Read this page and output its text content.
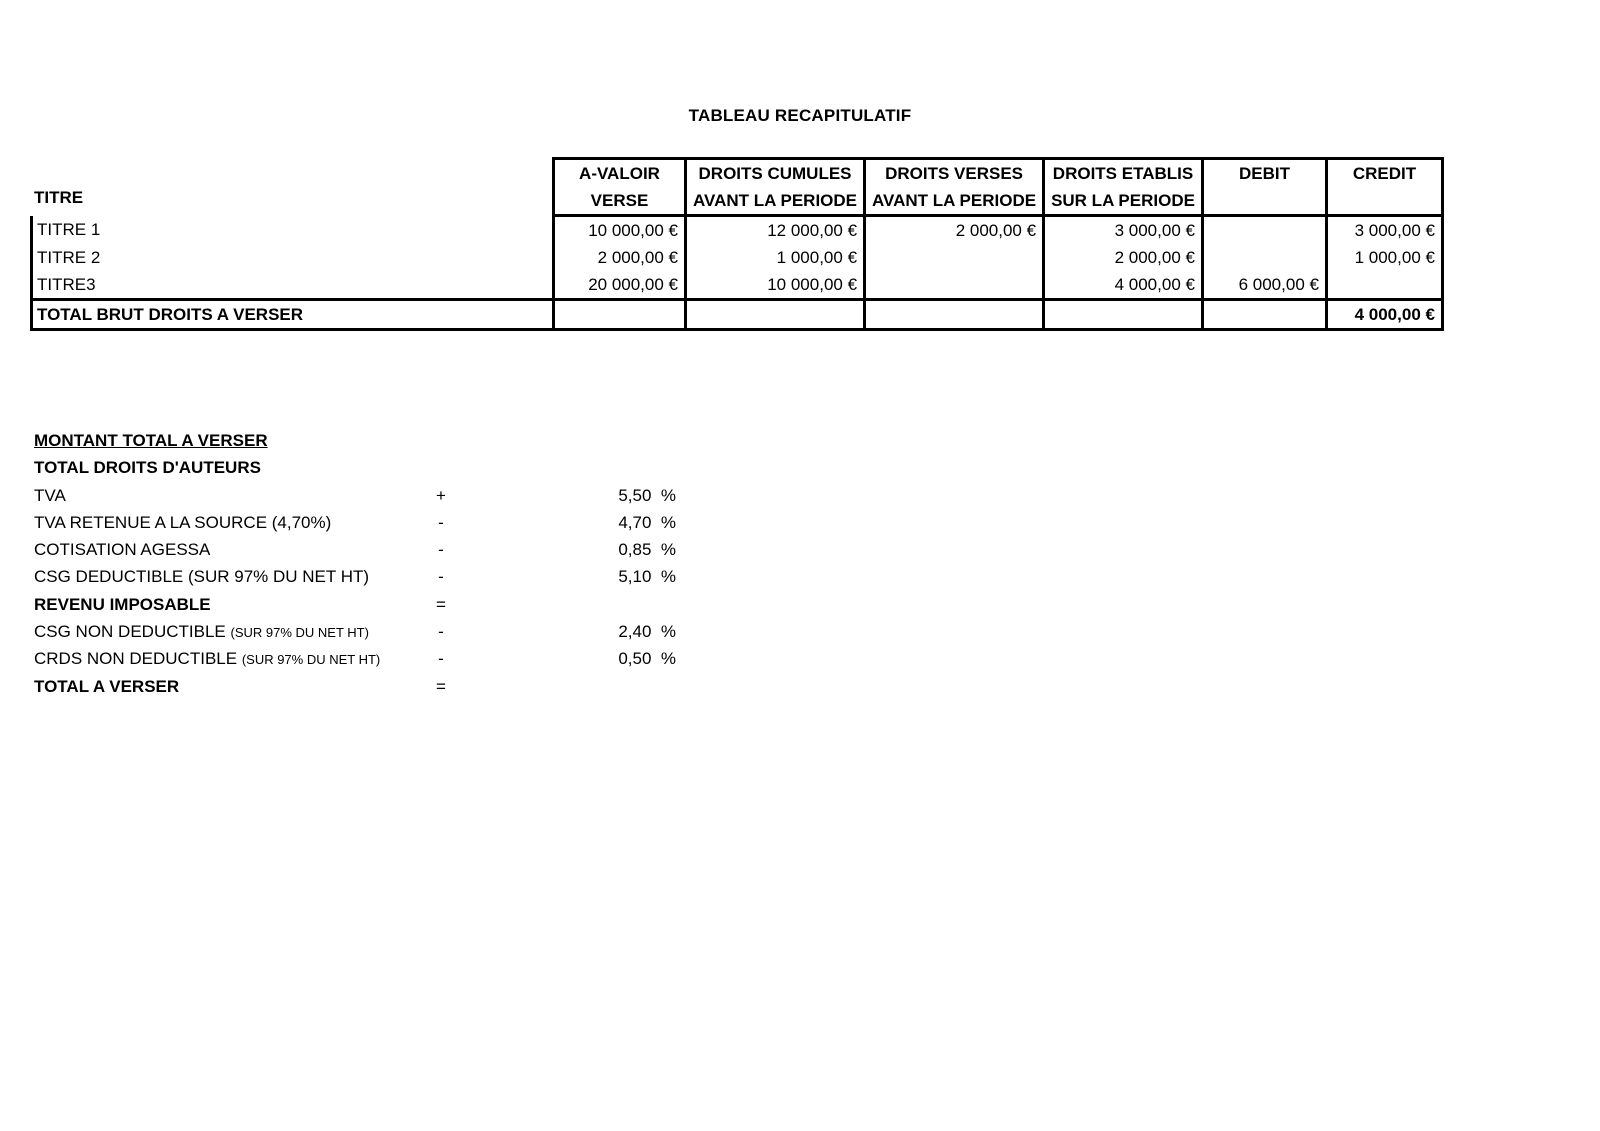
TABLEAU RECAPITULATIF
TITRE
	A-VALOIR	DROITS CUMULES	DROITS VERSES	DROITS ETABLIS	DEBIT	CREDIT
	VERSE	AVANT LA PERIODE	AVANT LA PERIODE	SUR LA PERIODE		
TITRE 1	10 000,00 €	12 000,00 €	2 000,00 €	3 000,00 €		3 000,00 €
TITRE 2	2 000,00 €	1 000,00 €		2 000,00 €		1 000,00 €
TITRE3	20 000,00 €	10 000,00 €		4 000,00 €	6 000,00 €	
TOTAL BRUT DROITS A VERSER						4 000,00 €
MONTANT TOTAL A VERSER
TOTAL DROITS D'AUTEURS
TVA	+	5,50 %
TVA RETENUE A LA SOURCE (4,70%)	-	4,70 %
COTISATION AGESSA	-	0,85 %
CSG DEDUCTIBLE (SUR 97% DU NET HT)	-	5,10 %
REVENU IMPOSABLE	=
CSG NON DEDUCTIBLE (SUR 97% DU NET HT)	-	2,40 %
CRDS NON DEDUCTIBLE (SUR 97% DU NET HT)	-	0,50 %
TOTAL A VERSER	=
